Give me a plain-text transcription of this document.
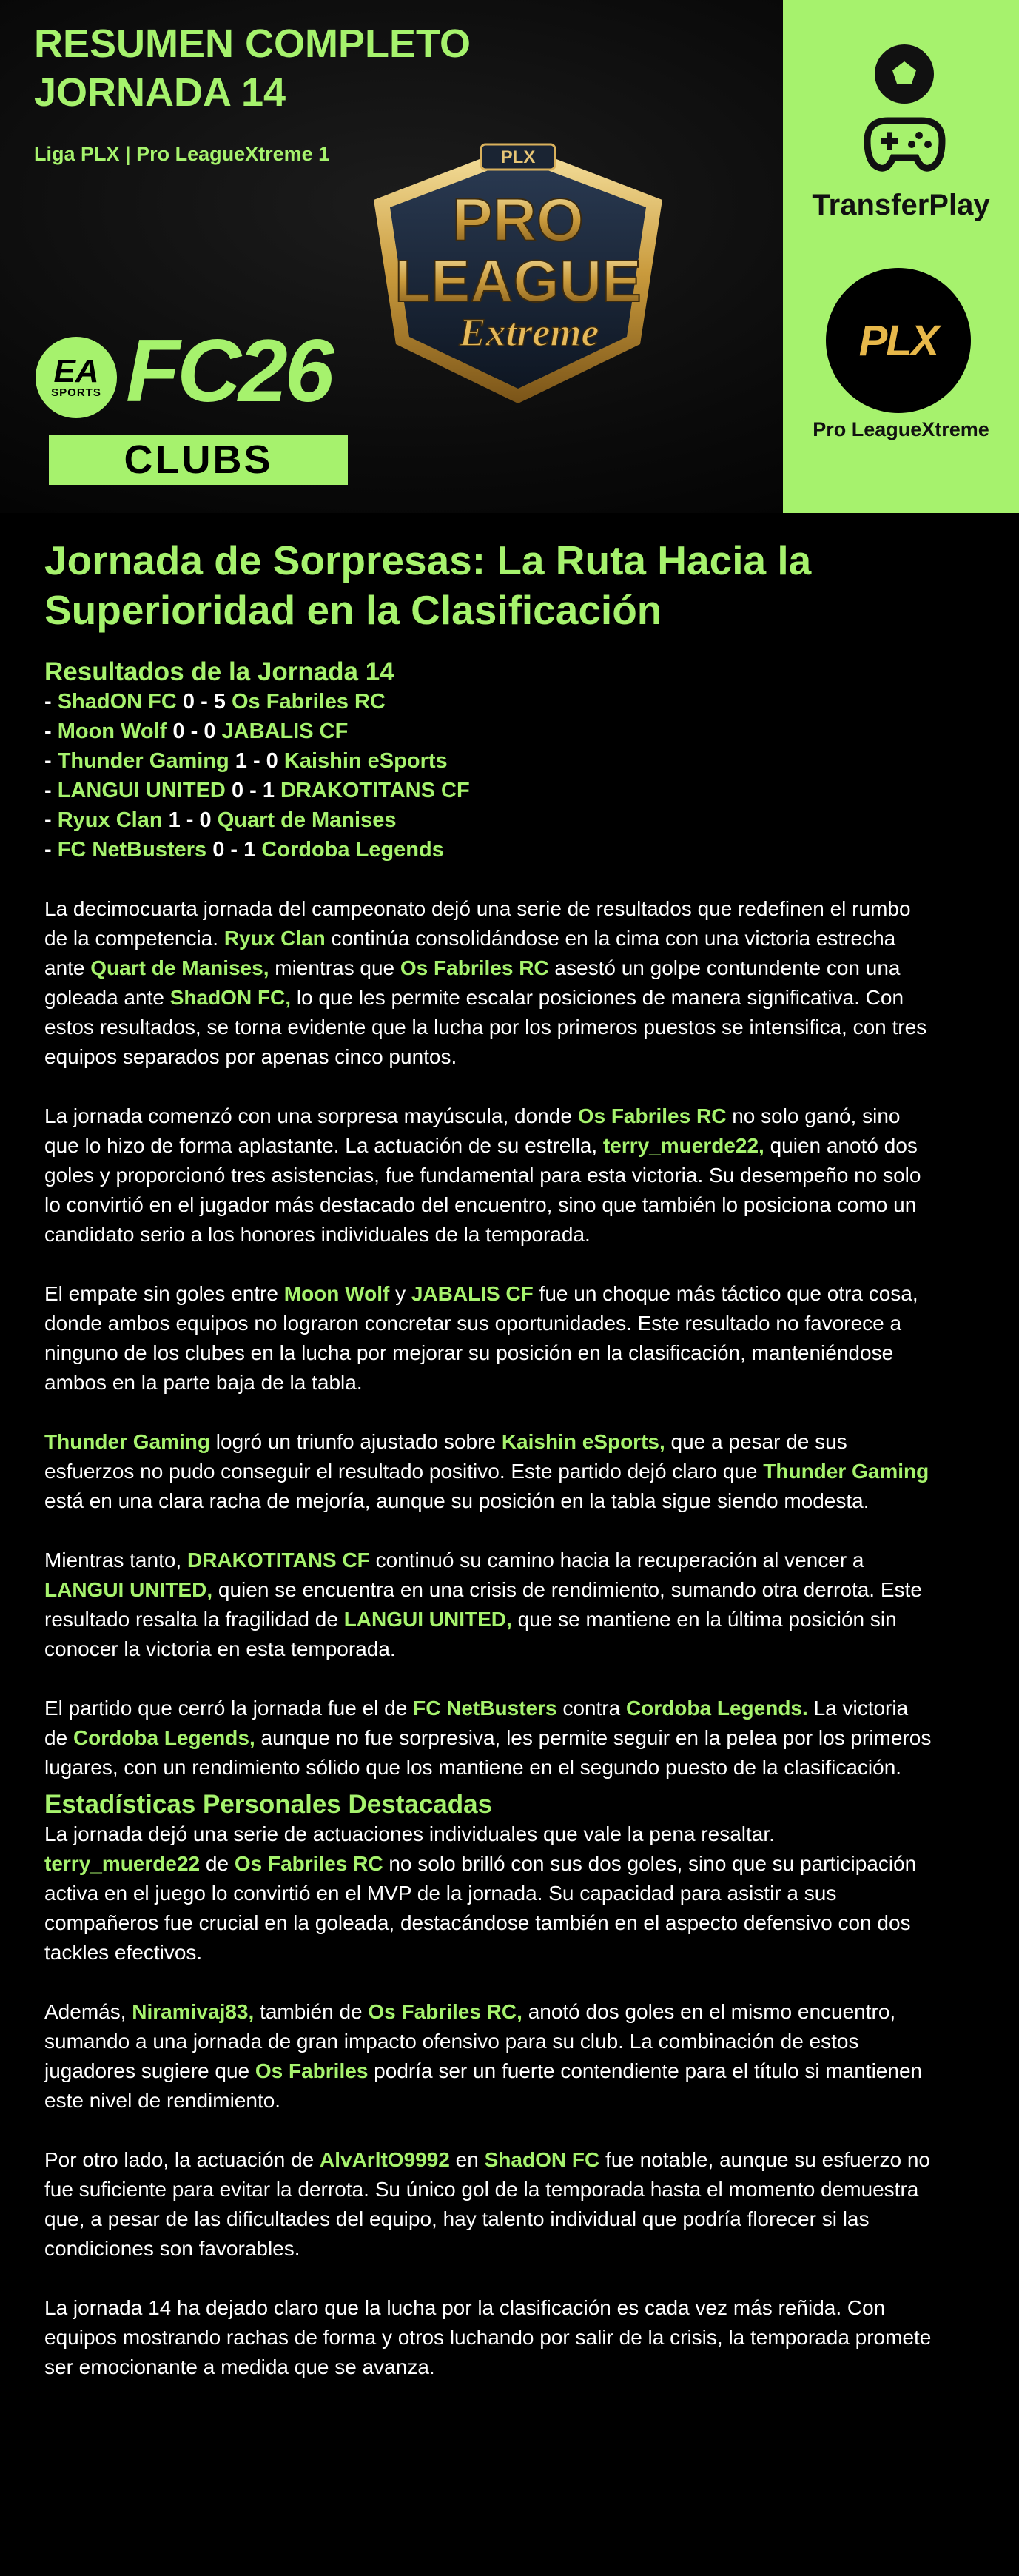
RESUMEN COMPLETO
JORNADA 14
Liga PLX | Pro LeagueXtreme 1	PLX
PRO
LEAGUE
Extreme
EA
SPORTS FC26
CLUBS
TransferPlay
PLX
Pro LeagueXtreme
Jornada de Sorpresas: La Ruta Hacia la Superioridad en la Clasificación
Resultados de la Jornada 14
- ShadON FC 0 - 5 Os Fabriles RC
- Moon Wolf 0 - 0 JABALIS CF
- Thunder Gaming 1 - 0 Kaishin eSports
- LANGUI UNITED 0 - 1 DRAKOTITANS CF
- Ryux Clan 1 - 0 Quart de Manises
- FC NetBusters 0 - 1 Cordoba Legends

La decimocuarta jornada del campeonato dejó una serie de resultados que redefinen el rumbo de la competencia. Ryux Clan continúa consolidándose en la cima con una victoria estrecha ante Quart de Manises, mientras que Os Fabriles RC asestó un golpe contundente con una goleada ante ShadON FC, lo que les permite escalar posiciones de manera significativa. Con estos resultados, se torna evidente que la lucha por los primeros puestos se intensifica, con tres equipos separados por apenas cinco puntos.

La jornada comenzó con una sorpresa mayúscula, donde Os Fabriles RC no solo ganó, sino que lo hizo de forma aplastante. La actuación de su estrella, terry_muerde22, quien anotó dos goles y proporcionó tres asistencias, fue fundamental para esta victoria. Su desempeño no solo lo convirtió en el jugador más destacado del encuentro, sino que también lo posiciona como un candidato serio a los honores individuales de la temporada.

El empate sin goles entre Moon Wolf y JABALIS CF fue un choque más táctico que otra cosa, donde ambos equipos no lograron concretar sus oportunidades. Este resultado no favorece a ninguno de los clubes en la lucha por mejorar su posición en la clasificación, manteniéndose ambos en la parte baja de la tabla.

Thunder Gaming logró un triunfo ajustado sobre Kaishin eSports, que a pesar de sus esfuerzos no pudo conseguir el resultado positivo. Este partido dejó claro que Thunder Gaming está en una clara racha de mejoría, aunque su posición en la tabla sigue siendo modesta.

Mientras tanto, DRAKOTITANS CF continuó su camino hacia la recuperación al vencer a LANGUI UNITED, quien se encuentra en una crisis de rendimiento, sumando otra derrota. Este resultado resalta la fragilidad de LANGUI UNITED, que se mantiene en la última posición sin conocer la victoria en esta temporada.

El partido que cerró la jornada fue el de FC NetBusters contra Cordoba Legends. La victoria de Cordoba Legends, aunque no fue sorpresiva, les permite seguir en la pelea por los primeros lugares, con un rendimiento sólido que los mantiene en el segundo puesto de la clasificación.

Estadísticas Personales Destacadas

La jornada dejó una serie de actuaciones individuales que vale la pena resaltar. terry_muerde22 de Os Fabriles RC no solo brilló con sus dos goles, sino que su participación activa en el juego lo convirtió en el MVP de la jornada. Su capacidad para asistir a sus compañeros fue crucial en la goleada, destacándose también en el aspecto defensivo con dos tackles efectivos.

Además, Niramivaj83, también de Os Fabriles RC, anotó dos goles en el mismo encuentro, sumando a una jornada de gran impacto ofensivo para su club. La combinación de estos jugadores sugiere que Os Fabriles podría ser un fuerte contendiente para el título si mantienen este nivel de rendimiento.

Por otro lado, la actuación de AlvArltO9992 en ShadON FC fue notable, aunque su esfuerzo no fue suficiente para evitar la derrota. Su único gol de la temporada hasta el momento demuestra que, a pesar de las dificultades del equipo, hay talento individual que podría florecer si las condiciones son favorables.

La jornada 14 ha dejado claro que la lucha por la clasificación es cada vez más reñida. Con equipos mostrando rachas de forma y otros luchando por salir de la crisis, la temporada promete ser emocionante a medida que se avanza.
